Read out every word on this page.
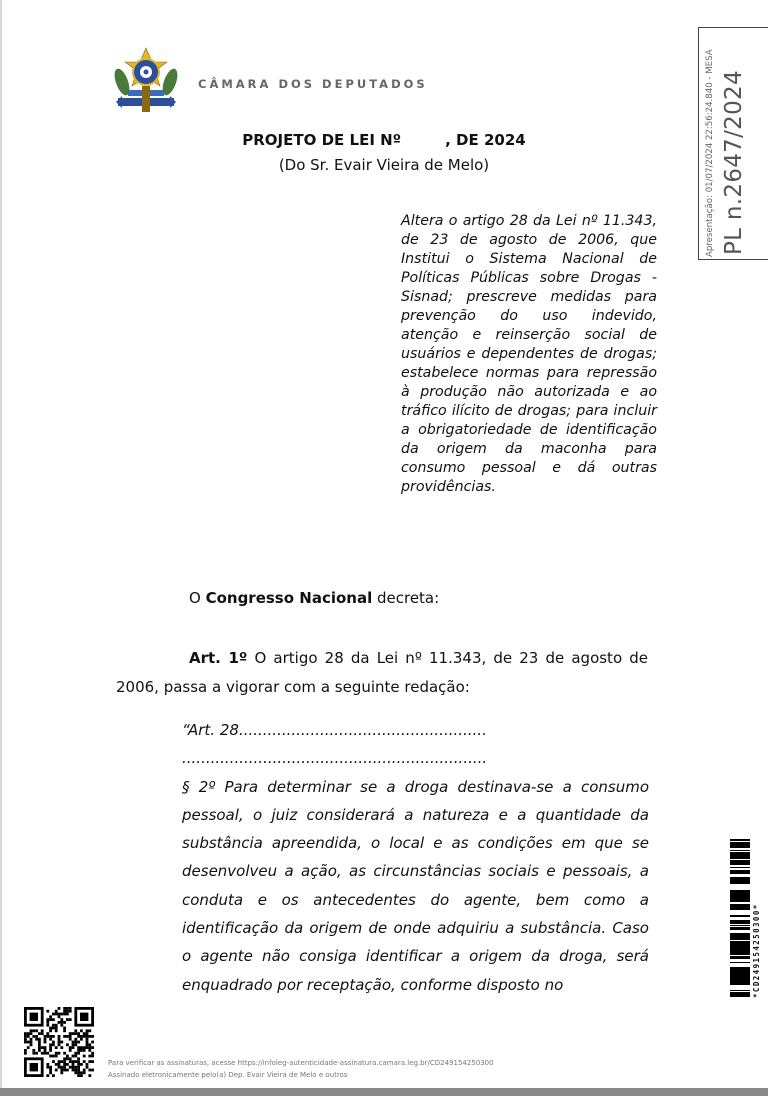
CÂMARA DOS DEPUTADOS
PROJETO DE LEI Nº	, DE 2024
(Do Sr. Evair Vieira de Melo)
Altera o artigo 28 da Lei nº 11.343, de 23 de agosto de 2006, que Institui o Sistema Nacional de Políticas Públicas sobre Drogas - Sisnad; prescreve medidas para prevenção do uso indevido, atenção e reinserção social de usuários e dependentes de drogas; estabelece normas para repressão à produção não autorizada e ao tráfico ilícito de drogas; para incluir a obrigatoriedade de identificação da origem da maconha para consumo pessoal e dá outras providências.
Apresentação: 01/07/2024 22:56:24.840 - MESA PL n.2647/2024
O Congresso Nacional decreta:
Art. 1º O artigo 28 da Lei nº 11.343, de 23 de agosto de 2006, passa a vigorar com a seguinte redação:
“Art. 28....................................................
................................................................
§ 2º Para determinar se a droga destinava-se a consumo pessoal, o juiz considerará a natureza e a quantidade da substância apreendida, o local e as condições em que se desenvolveu a ação, as circunstâncias sociais e pessoais, a conduta e os antecedentes do agente, bem como a identificação da origem de onde adquiriu a substância. Caso o agente não consiga identificar a origem da droga, será enquadrado por receptação, conforme disposto no	*CD249154250300*
Para verificar as assinaturas, acesse https://infoleg-autenticidade-assinatura.camara.leg.br/CD249154250300
Assinado eletronicamente pelo(a) Dep. Evair Vieira de Melo e outros
